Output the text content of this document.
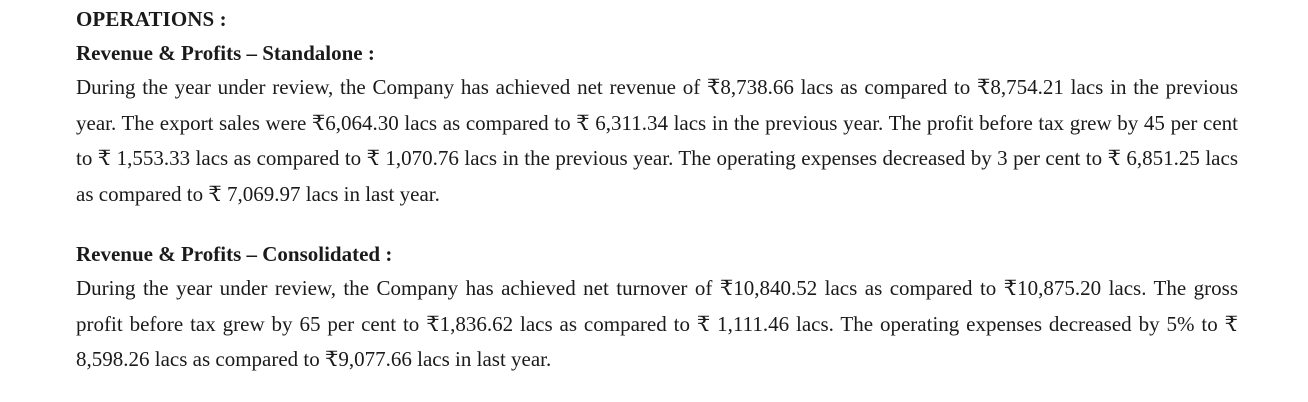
OPERATIONS :
Revenue & Profits – Standalone :

During the year under review, the Company has achieved net revenue of ₹8,738.66 lacs as compared to ₹8,754.21 lacs in the previous year. The export sales were ₹6,064.30 lacs as compared to ₹ 6,311.34 lacs in the previous year. The profit before tax grew by 45 per cent to ₹ 1,553.33 lacs as compared to ₹ 1,070.76 lacs in the previous year. The operating expenses decreased by 3 per cent to ₹ 6,851.25 lacs as compared to ₹ 7,069.97 lacs in last year.

Revenue & Profits – Consolidated :

During the year under review, the Company has achieved net turnover of ₹10,840.52 lacs as compared to ₹10,875.20 lacs. The gross profit before tax grew by 65 per cent to ₹1,836.62 lacs as compared to ₹ 1,111.46 lacs. The operating expenses decreased by 5% to ₹ 8,598.26 lacs as compared to ₹9,077.66 lacs in last year.
